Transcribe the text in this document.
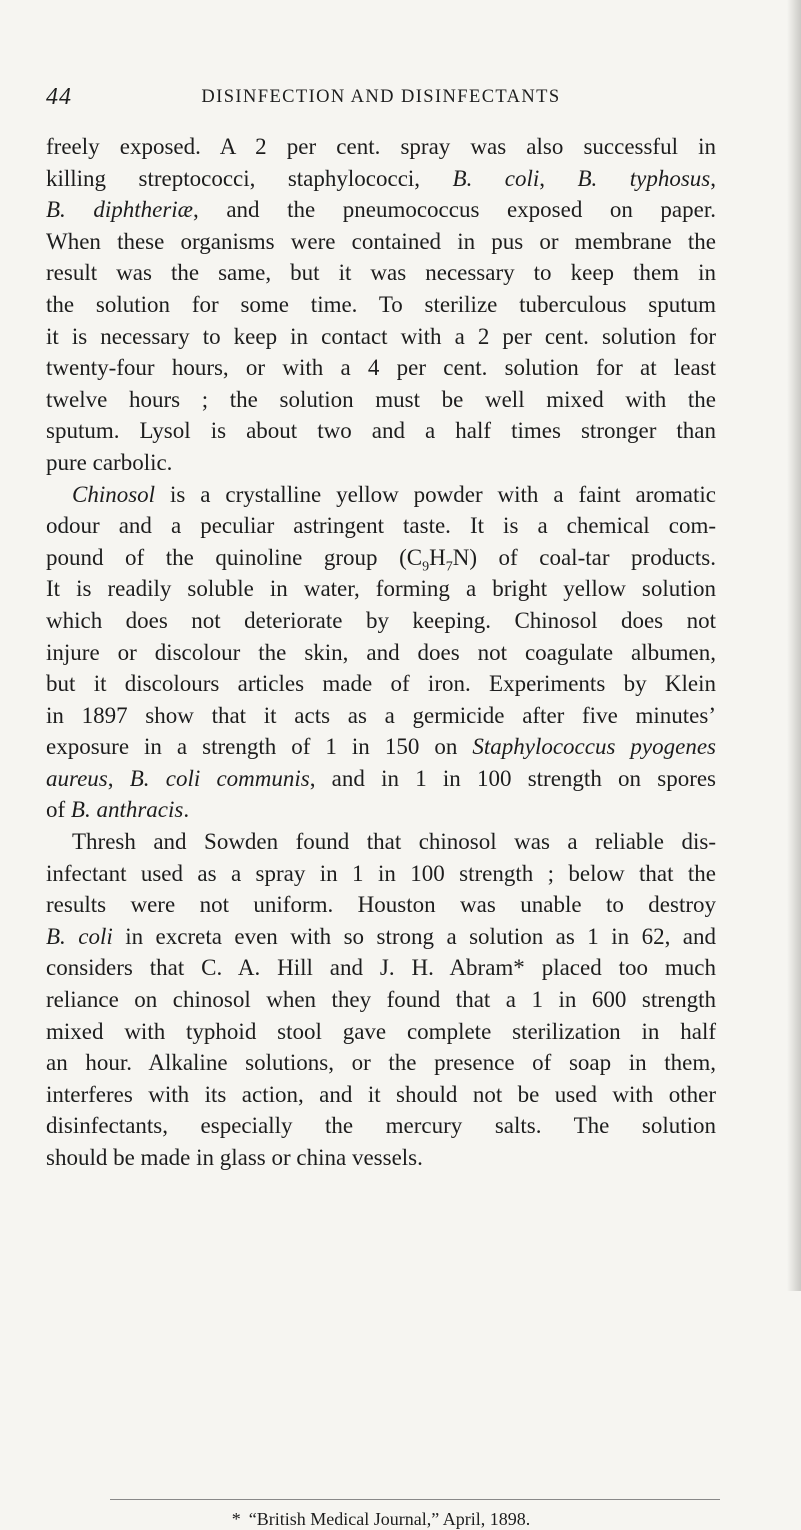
44	DISINFECTION AND DISINFECTANTS
freely exposed. A 2 per cent. spray was also successful in
killing streptococci, staphylococci, B. coli, B. typhosus,
B. diphtheriæ, and the pneumococcus exposed on paper.
When these organisms were contained in pus or membrane the
result was the same, but it was necessary to keep them in
the solution for some time. To sterilize tuberculous sputum
it is necessary to keep in contact with a 2 per cent. solution for
twenty-four hours, or with a 4 per cent. solution for at least
twelve hours ; the solution must be well mixed with the
sputum. Lysol is about two and a half times stronger than
pure carbolic.
Chinosol is a crystalline yellow powder with a faint aromatic
odour and a peculiar astringent taste. It is a chemical com-
pound of the quinoline group $(C_9H_7N)$ of coal-tar products.
It is readily soluble in water, forming a bright yellow solution
which does not deteriorate by keeping. Chinosol does not
injure or discolour the skin, and does not coagulate albumen,
but it discolours articles made of iron. Experiments by Klein
in 1897 show that it acts as a germicide after five minutes’
exposure in a strength of 1 in 150 on Staphylococcus pyogenes
aureus, B. coli communis, and in 1 in 100 strength on spores
of B. anthracis.
Thresh and Sowden found that chinosol was a reliable dis-
infectant used as a spray in 1 in 100 strength ; below that the
results were not uniform. Houston was unable to destroy
B. coli in excreta even with so strong a solution as 1 in 62, and
considers that C. A. Hill and J. H. Abram* placed too much
reliance on chinosol when they found that a 1 in 600 strength
mixed with typhoid stool gave complete sterilization in half
an hour. Alkaline solutions, or the presence of soap in them,
interferes with its action, and it should not be used with other
disinfectants, especially the mercury salts. The solution
should be made in glass or china vessels.
* “British Medical Journal,” April, 1898.
